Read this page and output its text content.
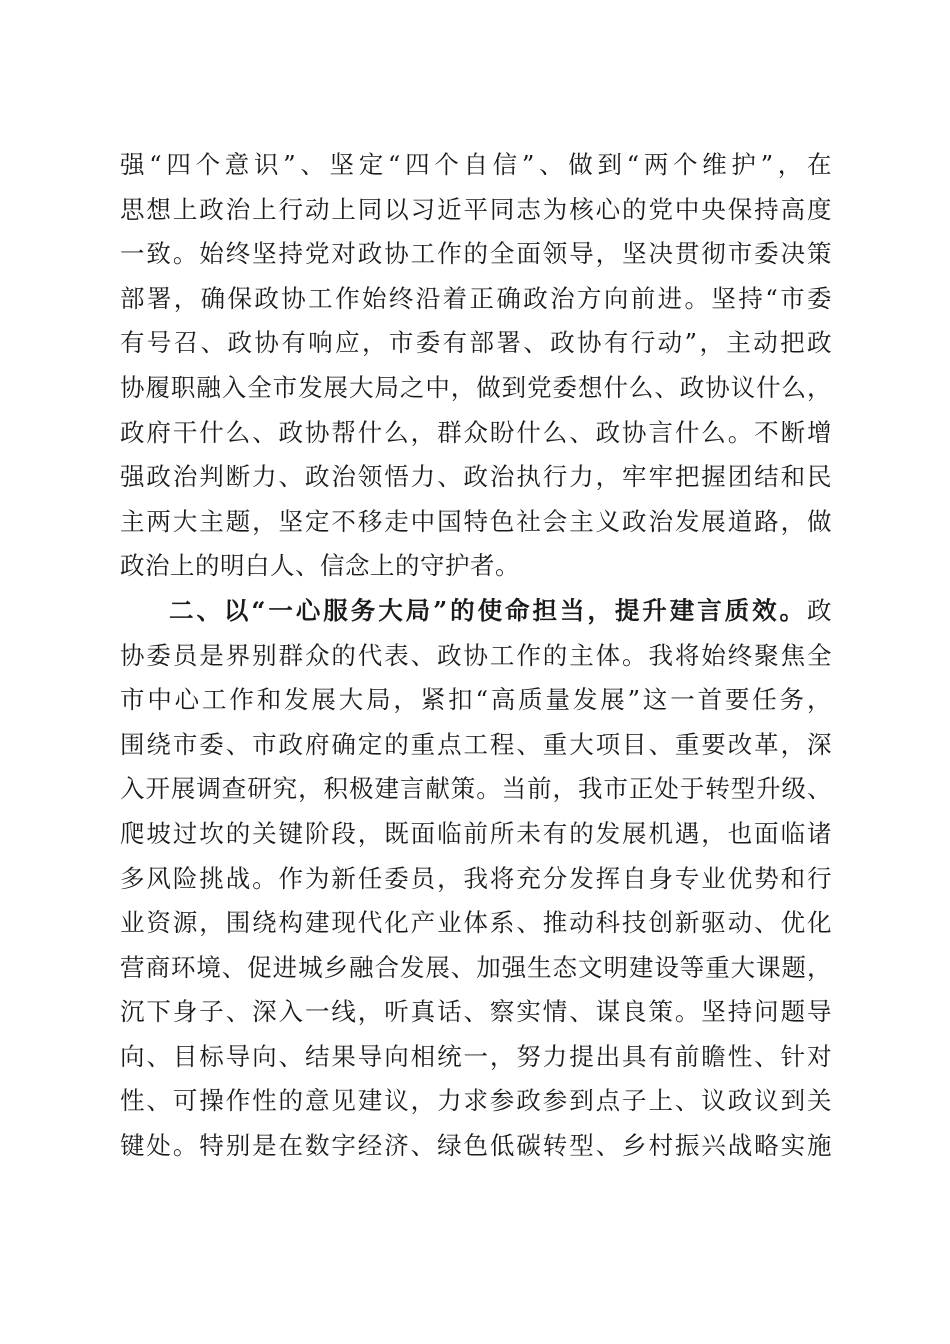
强“四个意识”、坚定“四个自信”、做到“两个维护”，在
思想上政治上行动上同以习近平同志为核心的党中央保持高度
一致。始终坚持党对政协工作的全面领导，坚决贯彻市委决策
部署，确保政协工作始终沿着正确政治方向前进。坚持“市委
有号召、政协有响应，市委有部署、政协有行动”，主动把政
协履职融入全市发展大局之中，做到党委想什么、政协议什么，
政府干什么、政协帮什么，群众盼什么、政协言什么。不断增
强政治判断力、政治领悟力、政治执行力，牢牢把握团结和民
主两大主题，坚定不移走中国特色社会主义政治发展道路，做
政治上的明白人、信念上的守护者。
二、以“一心服务大局”的使命担当，提升建言质效。政
协委员是界别群众的代表、政协工作的主体。我将始终聚焦全
市中心工作和发展大局，紧扣“高质量发展”这一首要任务，
围绕市委、市政府确定的重点工程、重大项目、重要改革，深
入开展调查研究，积极建言献策。当前，我市正处于转型升级、
爬坡过坎的关键阶段，既面临前所未有的发展机遇，也面临诸
多风险挑战。作为新任委员，我将充分发挥自身专业优势和行
业资源，围绕构建现代化产业体系、推动科技创新驱动、优化
营商环境、促进城乡融合发展、加强生态文明建设等重大课题，
沉下身子、深入一线，听真话、察实情、谋良策。坚持问题导
向、目标导向、结果导向相统一，努力提出具有前瞻性、针对
性、可操作性的意见建议，力求参政参到点子上、议政议到关
键处。特别是在数字经济、绿色低碳转型、乡村振兴战略实施
